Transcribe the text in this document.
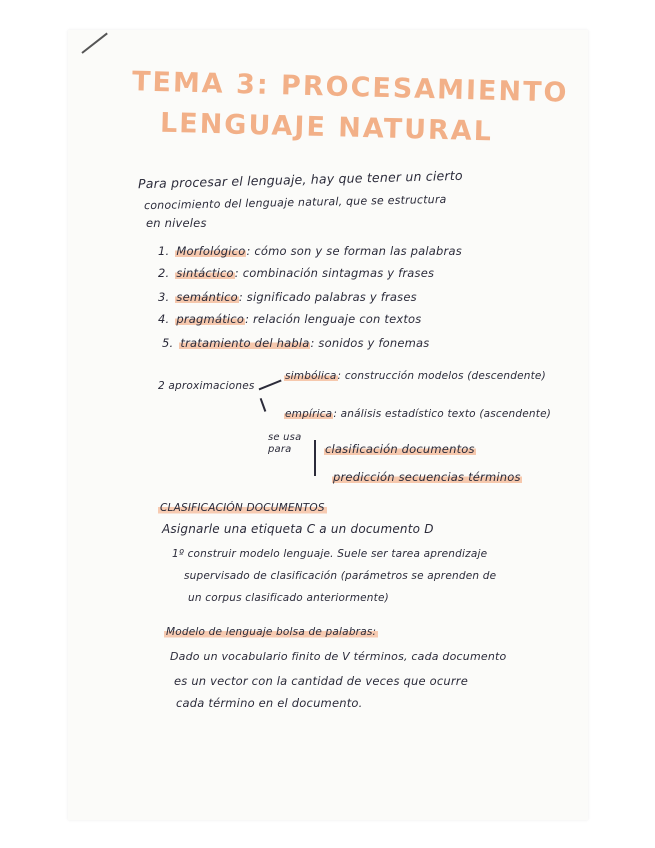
TEMA 3: PROCESAMIENTO
LENGUAJE NATURAL
Para procesar el lenguaje, hay que tener un cierto
conocimiento del lenguaje natural, que se estructura
en niveles
1. Morfológico: cómo son y se forman las palabras
2. sintáctico: combinación sintagmas y frases
3. semántico: significado palabras y frases
4. pragmático: relación lenguaje con textos
5. tratamiento del habla: sonidos y fonemas
2 aproximaciones
simbólica: construcción modelos (descendente)
empírica: análisis estadístico texto (ascendente)
se usa para	clasificación documentos
predicción secuencias términos
CLASIFICACIÓN DOCUMENTOS
Asignarle una etiqueta C a un documento D
1º construir modelo lenguaje. Suele ser tarea aprendizaje
supervisado de clasificación (parámetros se aprenden de
un corpus clasificado anteriormente)
Modelo de lenguaje bolsa de palabras:
Dado un vocabulario finito de V términos, cada documento
es un vector con la cantidad de veces que ocurre
cada término en el documento.
